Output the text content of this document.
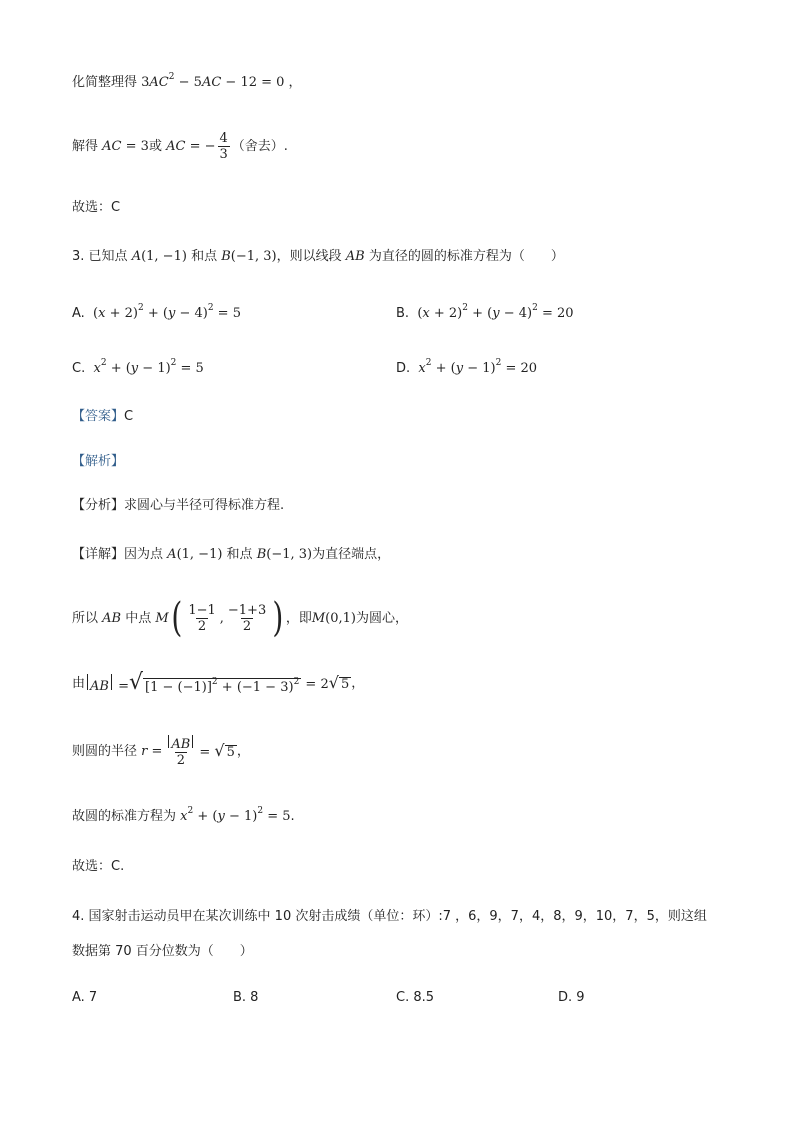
化简整理得 $3AC^2 - 5AC - 12 = 0$ ，
解得 AC = 3 或 AC = − $\frac{4}{3}$ （舍去）.
故选：C
3. 已知点 A(1, −1) 和点 B(−1, 3) ，则以线段 AB 为直径的圆的标准方程为（　　）
A. $(x + 2)^2 + (y - 4)^2 = 5$	B. $(x + 2)^2 + (y - 4)^2 = 20$
C. $x^2 + (y - 1)^2 = 5$	D. $x^2 + (y - 1)^2 = 20$
【答案】 C
【解析】
【分析】 求圆心与半径可得标准方程.
【详解】 因为点 A(1, −1) 和点 B(−1, 3) 为直径端点，
所以 AB 中点 M ( $\frac{1-1}{2}$ , $\frac{-1+3}{2}$ ) ，即 M(0,1) 为圆心，
由 AB = √ $[1 - (-1)]^2 + (-1 - 3)^2 = 2$ √ 5 ，
则圆的半径 $r = \frac{AB}{2}$ = √ 5 ，
故圆的标准方程为 $x^2 + (y - 1)^2 = 5$ .
故选：C.
4. 国家射击运动员甲在某次训练中 10 次射击成绩（单位：环）:7 ，6，9，7，4，8，9，10，7，5，则这组
数据第 70 百分位数为（　　）
A. 7	B. 8	C. 8.5	D. 9
